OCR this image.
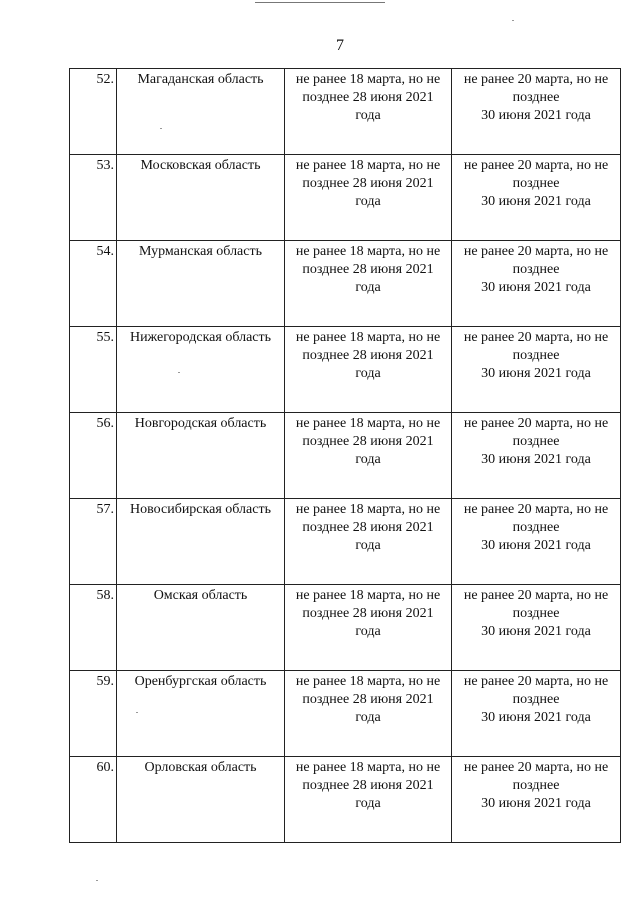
7
52.	Магаданская область	не ранее 18 марта, но не
позднее 28 июня 2021
года	не ранее 20 марта, но не
позднее
30 июня 2021 года
53.	Московская область	не ранее 18 марта, но не
позднее 28 июня 2021
года	не ранее 20 марта, но не
позднее
30 июня 2021 года
54.	Мурманская область	не ранее 18 марта, но не
позднее 28 июня 2021
года	не ранее 20 марта, но не
позднее
30 июня 2021 года
55.	Нижегородская область	не ранее 18 марта, но не
позднее 28 июня 2021
года	не ранее 20 марта, но не
позднее
30 июня 2021 года
56.	Новгородская область	не ранее 18 марта, но не
позднее 28 июня 2021
года	не ранее 20 марта, но не
позднее
30 июня 2021 года
57.	Новосибирская область	не ранее 18 марта, но не
позднее 28 июня 2021
года	не ранее 20 марта, но не
позднее
30 июня 2021 года
58.	Омская область	не ранее 18 марта, но не
позднее 28 июня 2021
года	не ранее 20 марта, но не
позднее
30 июня 2021 года
59.	Оренбургская область	не ранее 18 марта, но не
позднее 28 июня 2021
года	не ранее 20 марта, но не
позднее
30 июня 2021 года
60.	Орловская область	не ранее 18 марта, но не
позднее 28 июня 2021
года	не ранее 20 марта, но не
позднее
30 июня 2021 года
